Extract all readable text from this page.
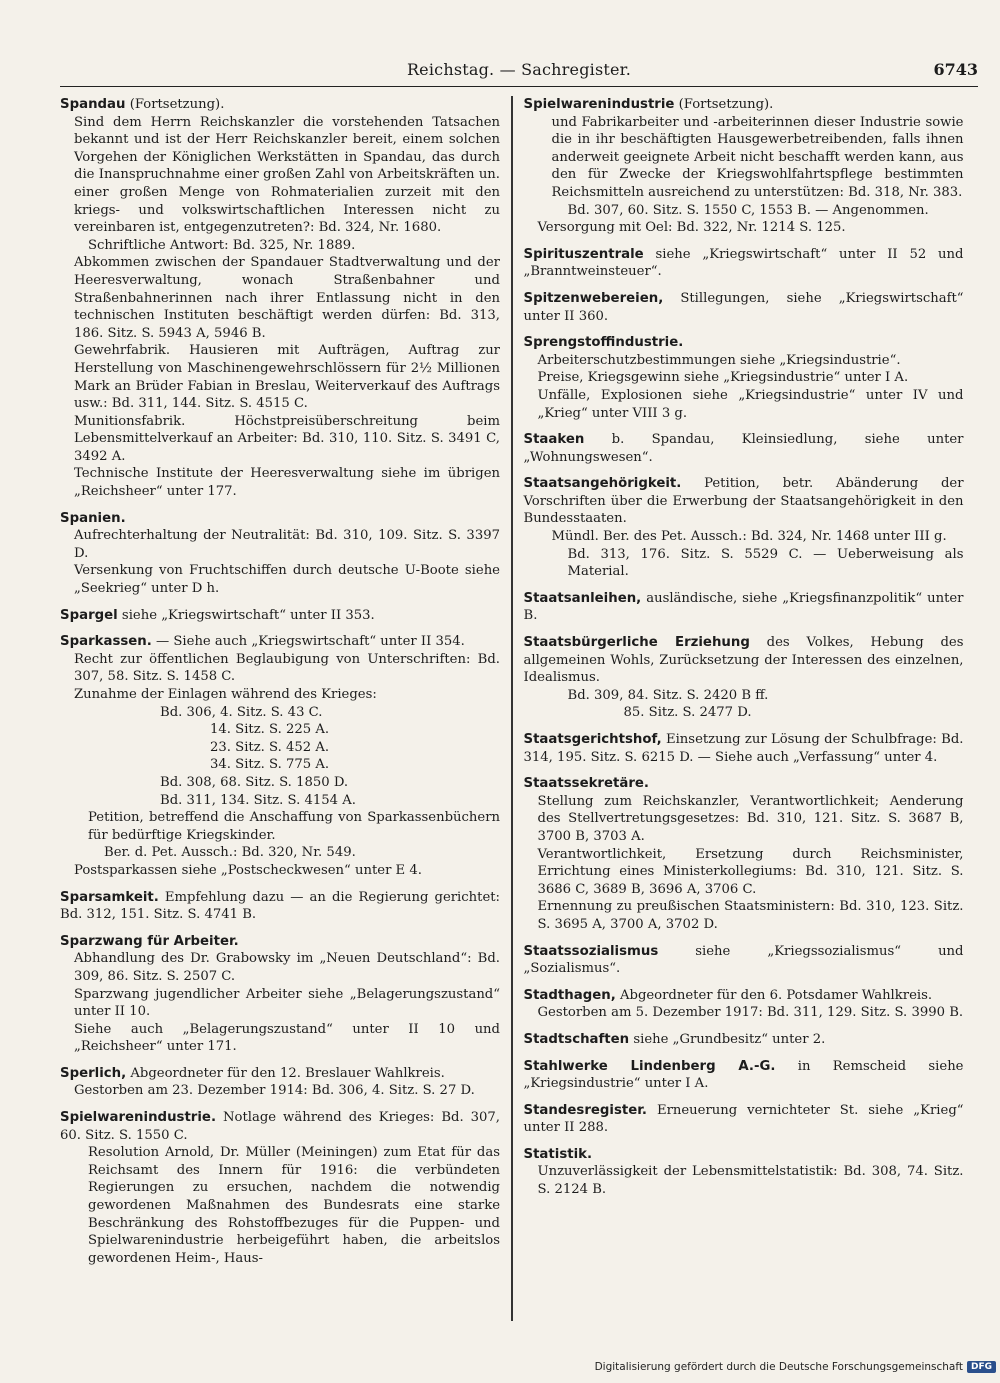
Reichstag. — Sachregister.	6743
Spandau (Fortsetzung).
Sind dem Herrn Reichskanzler die vorstehenden Tatsachen bekannt und ist der Herr Reichskanzler bereit, einem solchen Vorgehen der Königlichen Werkstätten in Spandau, das durch die Inanspruchnahme einer großen Zahl von Arbeitskräften un. einer großen Menge von Rohmaterialien zurzeit mit den kriegs- und volkswirtschaftlichen Interessen nicht zu vereinbaren ist, entgegenzutreten?: Bd. 324, Nr. 1680.
Schriftliche Antwort: Bd. 325, Nr. 1889.
Abkommen zwischen der Spandauer Stadtverwaltung und der Heeresverwaltung, wonach Straßenbahner und Straßenbahnerinnen nach ihrer Entlassung nicht in den technischen Instituten beschäftigt werden dürfen: Bd. 313, 186. Sitz. S. 5943 A, 5946 B.
Gewehrfabrik. Hausieren mit Aufträgen, Auftrag zur Herstellung von Maschinengewehrschlössern für 2½ Millionen Mark an Brüder Fabian in Breslau, Weiterverkauf des Auftrags usw.: Bd. 311, 144. Sitz. S. 4515 C.
Munitionsfabrik. Höchstpreisüberschreitung beim Lebensmittelverkauf an Arbeiter: Bd. 310, 110. Sitz. S. 3491 C, 3492 A.
Technische Institute der Heeresverwaltung siehe im übrigen „Reichsheer“ unter 177.
Spanien.
Aufrechterhaltung der Neutralität: Bd. 310, 109. Sitz. S. 3397 D.
Versenkung von Fruchtschiffen durch deutsche U-Boote siehe „Seekrieg“ unter D h.
Spargel siehe „Kriegswirtschaft“ unter II 353.
Sparkassen. — Siehe auch „Kriegswirtschaft“ unter II 354.
Recht zur öffentlichen Beglaubigung von Unterschriften: Bd. 307, 58. Sitz. S. 1458 C.
Zunahme der Einlagen während des Krieges:
Bd. 306, 4. Sitz. S. 43 C.
14. Sitz. S. 225 A.
23. Sitz. S. 452 A.
34. Sitz. S. 775 A.
Bd. 308, 68. Sitz. S. 1850 D.
Bd. 311, 134. Sitz. S. 4154 A.
Petition, betreffend die Anschaffung von Sparkassenbüchern für bedürftige Kriegskinder.
Ber. d. Pet. Aussch.: Bd. 320, Nr. 549.
Postsparkassen siehe „Postscheckwesen“ unter E 4.
Sparsamkeit. Empfehlung dazu — an die Regierung gerichtet: Bd. 312, 151. Sitz. S. 4741 B.
Sparzwang für Arbeiter.
Abhandlung des Dr. Grabowsky im „Neuen Deutschland“: Bd. 309, 86. Sitz. S. 2507 C.
Sparzwang jugendlicher Arbeiter siehe „Belagerungszustand“ unter II 10.
Siehe auch „Belagerungszustand“ unter II 10 und „Reichsheer“ unter 171.
Sperlich, Abgeordneter für den 12. Breslauer Wahlkreis.
Gestorben am 23. Dezember 1914: Bd. 306, 4. Sitz. S. 27 D.
Spielwarenindustrie. Notlage während des Krieges: Bd. 307, 60. Sitz. S. 1550 C.
Resolution Arnold, Dr. Müller (Meiningen) zum Etat für das Reichsamt des Innern für 1916: die verbündeten Regierungen zu ersuchen, nachdem die notwendig gewordenen Maßnahmen des Bundesrats eine starke Beschränkung des Rohstoffbezuges für die Puppen- und Spielwarenindustrie herbeigeführt haben, die arbeitslos gewordenen Heim-, Haus-
Spielwarenindustrie (Fortsetzung).
und Fabrikarbeiter und -arbeiterinnen dieser Industrie sowie die in ihr beschäftigten Hausgewerbetreibenden, falls ihnen anderweit geeignete Arbeit nicht beschafft werden kann, aus den für Zwecke der Kriegswohlfahrtspflege bestimmten Reichsmitteln ausreichend zu unterstützen: Bd. 318, Nr. 383.
Bd. 307, 60. Sitz. S. 1550 C, 1553 B. — Angenommen.
Versorgung mit Oel: Bd. 322, Nr. 1214 S. 125.
Spirituszentrale siehe „Kriegswirtschaft“ unter II 52 und „Branntweinsteuer“.
Spitzenwebereien, Stillegungen, siehe „Kriegswirtschaft“ unter II 360.
Sprengstoffindustrie.
Arbeiterschutzbestimmungen siehe „Kriegsindustrie“.
Preise, Kriegsgewinn siehe „Kriegsindustrie“ unter I A.
Unfälle, Explosionen siehe „Kriegsindustrie“ unter IV und „Krieg“ unter VIII 3 g.
Staaken b. Spandau, Kleinsiedlung, siehe unter „Wohnungswesen“.
Staatsangehörigkeit. Petition, betr. Abänderung der Vorschriften über die Erwerbung der Staatsangehörigkeit in den Bundesstaaten.
Mündl. Ber. des Pet. Aussch.: Bd. 324, Nr. 1468 unter III g.
Bd. 313, 176. Sitz. S. 5529 C. — Ueberweisung als Material.
Staatsanleihen, ausländische, siehe „Kriegsfinanzpolitik“ unter B.
Staatsbürgerliche Erziehung des Volkes, Hebung des allgemeinen Wohls, Zurücksetzung der Interessen des einzelnen, Idealismus.
Bd. 309, 84. Sitz. S. 2420 B ff.
85. Sitz. S. 2477 D.
Staatsgerichtshof, Einsetzung zur Lösung der Schulbfrage: Bd. 314, 195. Sitz. S. 6215 D. — Siehe auch „Verfassung“ unter 4.
Staatssekretäre.
Stellung zum Reichskanzler, Verantwortlichkeit; Aenderung des Stellvertretungsgesetzes: Bd. 310, 121. Sitz. S. 3687 B, 3700 B, 3703 A.
Verantwortlichkeit, Ersetzung durch Reichsminister, Errichtung eines Ministerkollegiums: Bd. 310, 121. Sitz. S. 3686 C, 3689 B, 3696 A, 3706 C.
Ernennung zu preußischen Staatsministern: Bd. 310, 123. Sitz. S. 3695 A, 3700 A, 3702 D.
Staatssozialismus siehe „Kriegssozialismus“ und „Sozialismus“.
Stadthagen, Abgeordneter für den 6. Potsdamer Wahlkreis.
Gestorben am 5. Dezember 1917: Bd. 311, 129. Sitz. S. 3990 B.
Stadtschaften siehe „Grundbesitz“ unter 2.
Stahlwerke Lindenberg A.-G. in Remscheid siehe „Kriegsindustrie“ unter I A.
Standesregister. Erneuerung vernichteter St. siehe „Krieg“ unter II 288.
Statistik.
Unzuverlässigkeit der Lebensmittelstatistik: Bd. 308, 74. Sitz. S. 2124 B.
Digitalisierung gefördert durch die Deutsche Forschungsgemeinschaft DFG
